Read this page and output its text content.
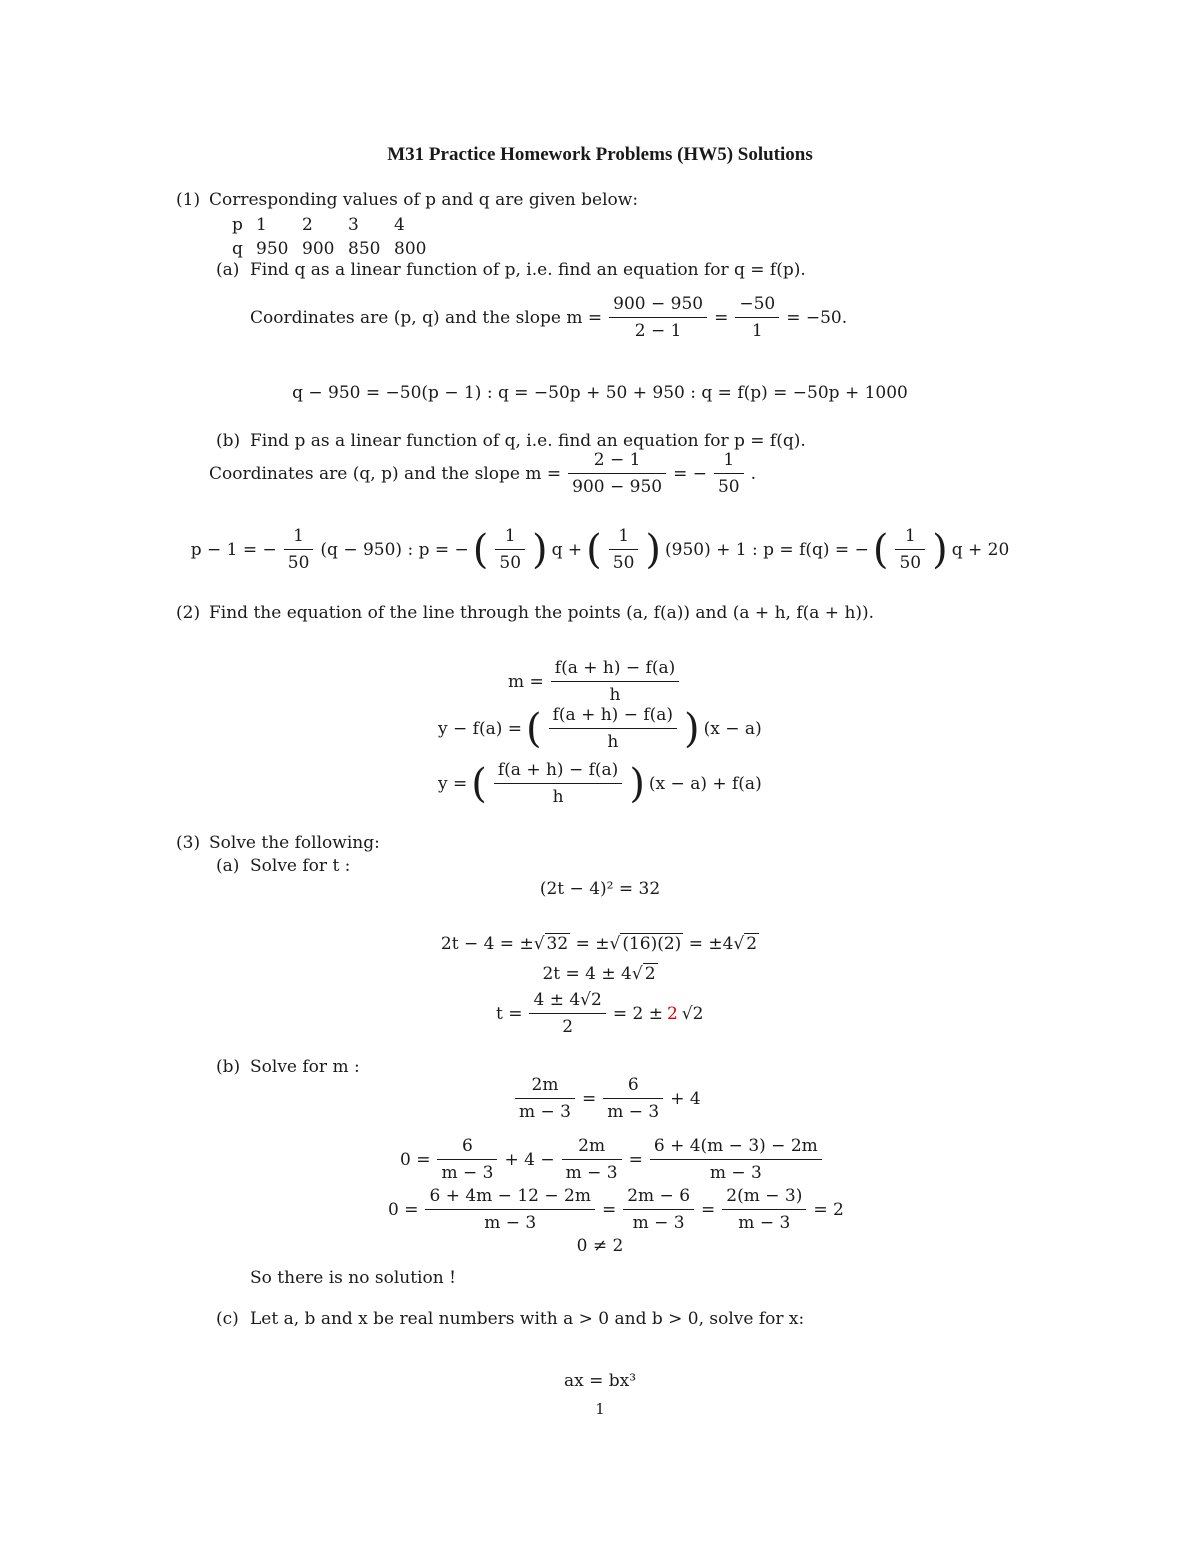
M31 Practice Homework Problems (HW5) Solutions
(1) Corresponding values of p and q are given below:
p	1	2	3	4
q	950	900	850	800
(a) Find q as a linear function of p, i.e. find an equation for q = f(p).
Coordinates are (p, q) and the slope $m = \frac{900 - 950}{2 - 1} = \frac{-50}{1} = -50$.
q − 950 = −50(p − 1) : q = −50p + 50 + 950 : q = f(p) = −50p + 1000
(b) Find p as a linear function of q, i.e. find an equation for p = f(q).
Coordinates are (q, p) and the slope $m = \frac{2 - 1}{900 - 950}$ = − $\frac{1}{50}$ .
p − 1 = − $\frac{1}{50} (q - 950)$ : p = − ( $\frac{1}{50}$ ) q + ( $\frac{1}{50}$ ) (950) + 1 : p = f(q) = − ( $\frac{1}{50}$ ) q + 20
(2) Find the equation of the line through the points (a, f(a)) and (a + h, f(a + h)).
$m = \frac{f(a + h) - f(a)}{h}$
y − f(a) = ( $\frac{f(a + h) - f(a)}{h}$ ) (x − a)
y = ( $\frac{f(a + h) - f(a)}{h}$ ) (x − a) + f(a)
(3) Solve the following:
(a) Solve for t :
(2t − 4)² = 32
2t − 4 = ±√ 32 = ±√ (16)(2) = ±4√ 2
2t = 4 ± 4√ 2
$t = \frac{4 \pm 4√2}{2} = 2 \pm 2$ √2
(b) Solve for m :
$\frac{2m}{m - 3} = \frac{6}{m - 3} + 4$
$0 = \frac{6}{m - 3} + 4 - \frac{2m}{m - 3} = \frac{6 + 4(m - 3) - 2m}{m - 3}$
$0 = \frac{6 + 4m - 12 - 2m}{m - 3} = \frac{2m - 6}{m - 3} = \frac{2(m - 3)}{m - 3} = 2$
0 ≠ 2
So there is no solution !
(c) Let a, b and x be real numbers with a > 0 and b > 0, solve for x:
ax = bx³
1
